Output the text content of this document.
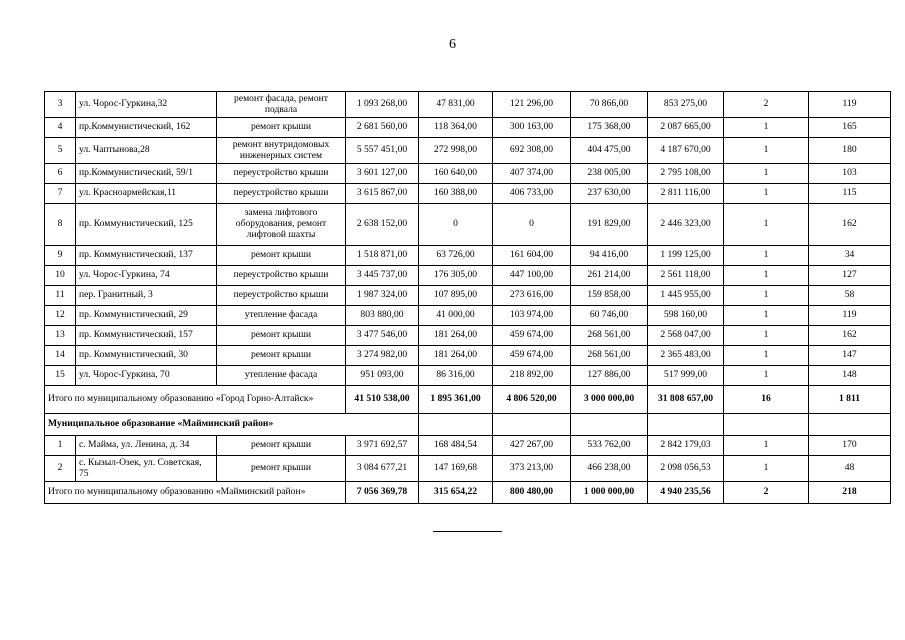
6
3	ул. Чорос-Гуркина,32	ремонт фасада, ремонт подвала	1 093 268,00	47 831,00	121 296,00	70 866,00	853 275,00	2	119
4	пр.Коммунистический, 162	ремонт крыши	2 681 560,00	118 364,00	300 163,00	175 368,00	2 087 665,00	1	165
5	ул. Чаптынова,28	ремонт внутридомовых инженерных систем	5 557 451,00	272 998,00	692 308,00	404 475,00	4 187 670,00	1	180
6	пр.Коммунистический, 59/1	переустройство крыши	3 601 127,00	160 640,00	407 374,00	238 005,00	2 795 108,00	1	103
7	ул. Красноармейская,11	переустройство крыши	3 615 867,00	160 388,00	406 733,00	237 630,00	2 811 116,00	1	115
8	пр. Коммунистический, 125	замена лифтового оборудования, ремонт лифтовой шахты	2 638 152,00	0	0	191 829,00	2 446 323,00	1	162
9	пр. Коммунистический, 137	ремонт крыши	1 518 871,00	63 726,00	161 604,00	94 416,00	1 199 125,00	1	34
10	ул. Чорос-Гуркина, 74	переустройство крыши	3 445 737,00	176 305,00	447 100,00	261 214,00	2 561 118,00	1	127
11	пер. Гранитный, 3	переустройство крыши	1 987 324,00	107 895,00	273 616,00	159 858,00	1 445 955,00	1	58
12	пр. Коммунистический, 29	утепление фасада	803 880,00	41 000,00	103 974,00	60 746,00	598 160,00	1	119
13	пр. Коммунистический, 157	ремонт крыши	3 477 546,00	181 264,00	459 674,00	268 561,00	2 568 047,00	1	162
14	пр. Коммунистический, 30	ремонт крыши	3 274 982,00	181 264,00	459 674,00	268 561,00	2 365 483,00	1	147
15	ул. Чорос-Гуркина, 70	утепление фасада	951 093,00	86 316,00	218 892,00	127 886,00	517 999,00	1	148
Итого по муниципальному образованию «Город Горно-Алтайск»			41 510 538,00	1 895 361,00	4 806 520,00	3 000 000,00	31 808 657,00	16	1 811
Муниципальное образование «Майминский район»									
1	с. Майма, ул. Ленина, д. 34	ремонт крыши	3 971 692,57	168 484,54	427 267,00	533 762,00	2 842 179,03	1	170
2	с. Кызыл-Озек, ул. Советская, 75	ремонт крыши	3 084 677,21	147 169,68	373 213,00	466 238,00	2 098 056,53	1	48
Итого по муниципальному образованию «Майминский район»			7 056 369,78	315 654,22	800 480,00	1 000 000,00	4 940 235,56	2	218
